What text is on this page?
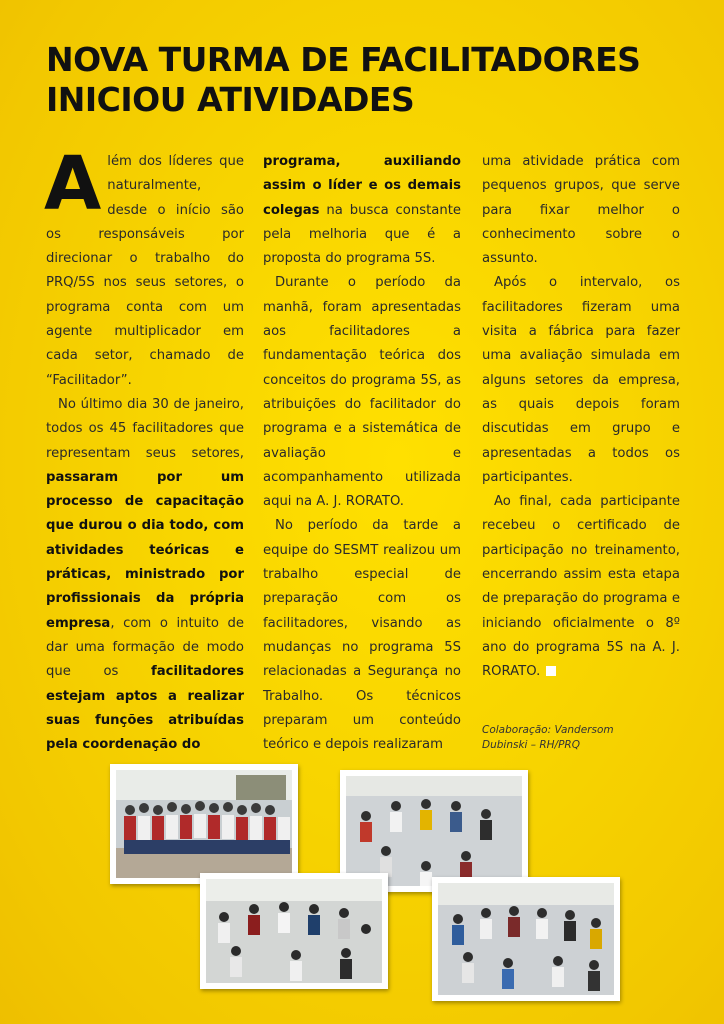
NOVA TURMA DE FACILITADORES
INICIOU ATIVIDADES

Além dos líderes que naturalmente, desde o início são os responsáveis por direcionar o trabalho do PRQ/5S nos seus setores, o programa conta com um agente multiplicador em cada setor, chamado de “Facilitador”.

No último dia 30 de janeiro, todos os 45 facilitadores que representam seus setores, passaram por um processo de capacitação que durou o dia todo, com atividades teóricas e práticas, ministrado por profissionais da própria empresa, com o intuito de dar uma formação de modo que os facilitadores estejam aptos a realizar suas funções atribuídas pela coordenação do

programa, auxiliando assim o líder e os demais colegas na busca constante pela melhoria que é a proposta do programa 5S.

Durante o período da manhã, foram apresentadas aos facilitadores a fundamentação teórica dos conceitos do programa 5S, as atribuições do facilitador do programa e a sistemática de avaliação e acompanhamento utilizada aqui na A. J. RORATO.

No período da tarde a equipe do SESMT realizou um trabalho especial de preparação com os facilitadores, visando as mudanças no programa 5S relacionadas a Segurança no Trabalho. Os técnicos preparam um conteúdo teórico e depois realizaram

uma atividade prática com pequenos grupos, que serve para fixar melhor o conhecimento sobre o assunto.

Após o intervalo, os facilitadores fizeram uma visita a fábrica para fazer uma avaliação simulada em alguns setores da empresa, as quais depois foram discutidas em grupo e apresentadas a todos os participantes.

Ao final, cada participante recebeu o certificado de participação no treinamento, encerrando assim esta etapa de preparação do programa e iniciando oficialmente o 8º ano do programa 5S na A. J. RORATO.

Colaboração: Vandersom
Dubinski – RH/PRQ
